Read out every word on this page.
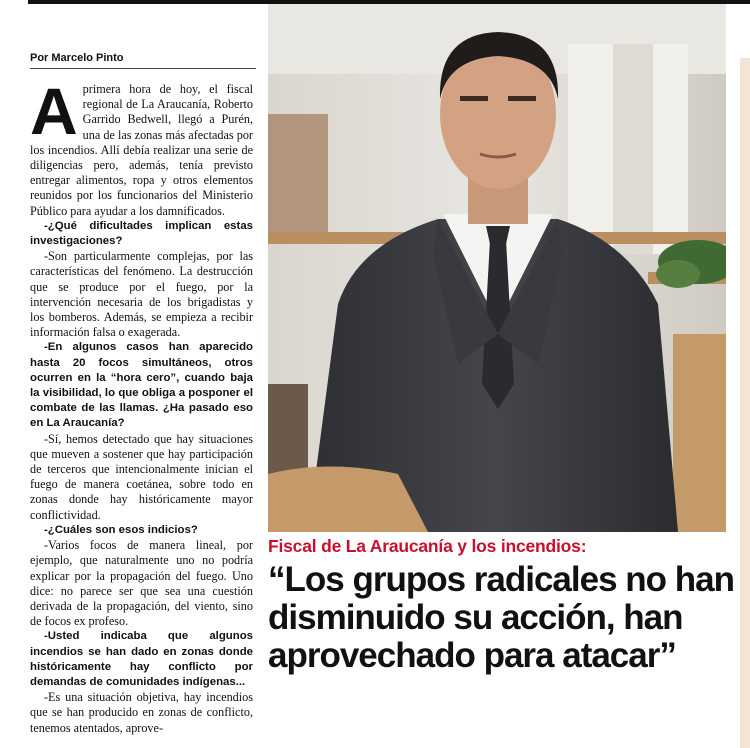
Por Marcelo Pinto

Aprimera hora de hoy, el fiscal regional de La Araucanía, Roberto Garrido Bedwell, llegó a Purén, una de las zonas más afectadas por los incendios. Allí debía realizar una serie de diligencias pero, además, tenía previsto entregar alimentos, ropa y otros elementos reunidos por los funcionarios del Ministerio Público para ayudar a los damnificados.

-¿Qué dificultades implican estas investigaciones?

-Son particularmente complejas, por las características del fenómeno. La destrucción que se produce por el fuego, por la intervención necesaria de los brigadistas y los bomberos. Además, se empieza a recibir información falsa o exagerada.

-En algunos casos han aparecido hasta 20 focos simultáneos, otros ocurren en la “hora cero”, cuando baja la visibilidad, lo que obliga a posponer el combate de las llamas. ¿Ha pasado eso en La Araucanía?

-Sí, hemos detectado que hay situaciones que mueven a sostener que hay participación de terceros que intencionalmente inician el fuego de manera coetánea, sobre todo en zonas donde hay históricamente mayor conflictividad.

-¿Cuáles son esos indicios?

-Varios focos de manera lineal, por ejemplo, que naturalmente uno no podría explicar por la propagación del fuego. Uno dice: no parece ser que sea una cuestión derivada de la propagación, del viento, sino de focos ex profeso.

-Usted indicaba que algunos incendios se han dado en zonas donde históricamente hay conflicto por demandas de comunidades indígenas...

-Es una situación objetiva, hay incendios que se han producido en zonas de conflicto, tenemos atentados, aprove-

Fiscal de La Araucanía y los incendios:

“Los grupos radicales no han disminuido su acción, han aprovechado para atacar”
